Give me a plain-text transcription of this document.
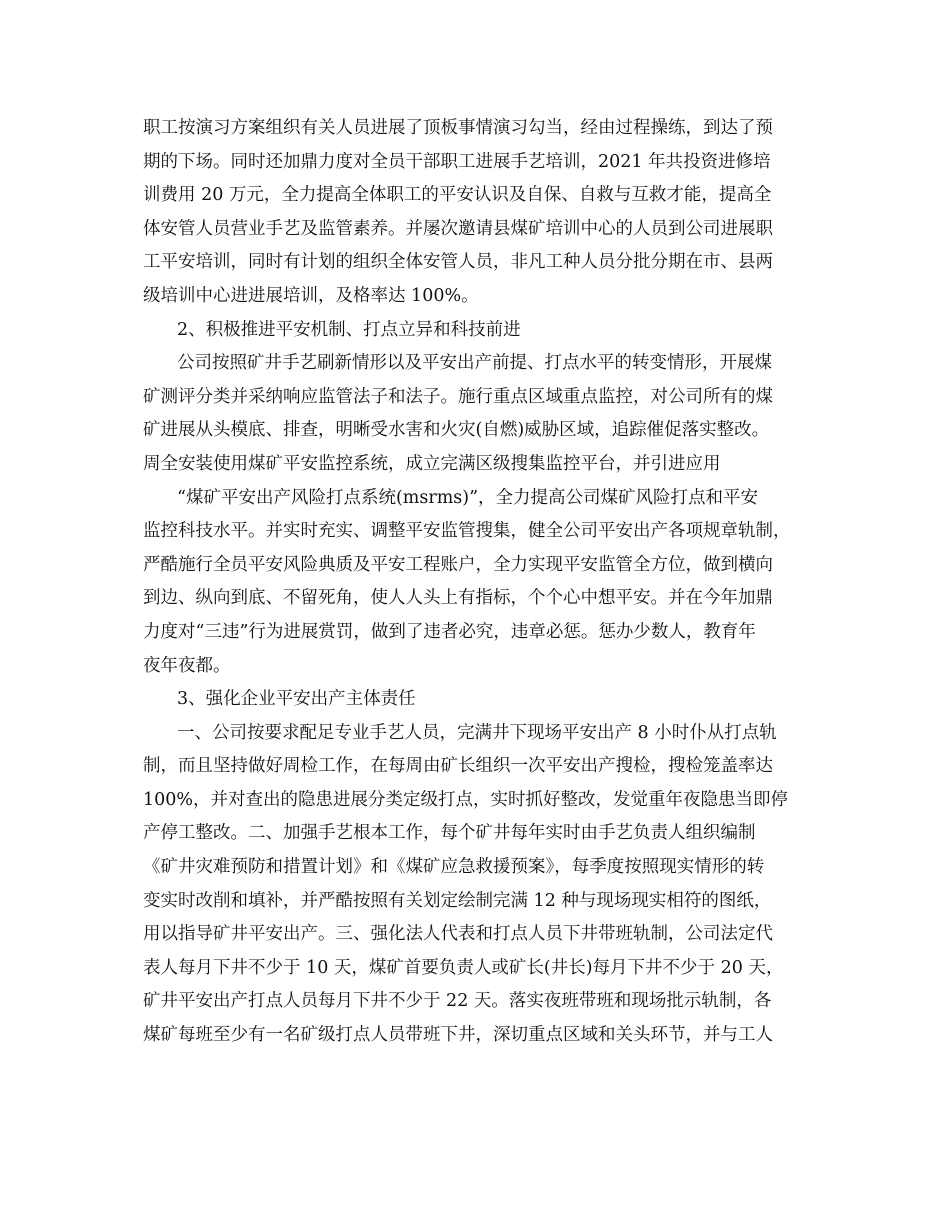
职工按演习方案组织有关人员进展了顶板事情演习勾当，经由过程操练，到达了预
期的下场。同时还加鼎力度对全员干部职工进展手艺培训，2021 年共投资进修培
训费用 20 万元，全力提高全体职工的平安认识及自保、自救与互救才能，提高全
体安管人员营业手艺及监管素养。并屡次邀请县煤矿培训中心的人员到公司进展职
工平安培训，同时有计划的组织全体安管人员，非凡工种人员分批分期在市、县两
级培训中心进进展培训，及格率达 100%。
2、积极推进平安机制、打点立异和科技前进
公司按照矿井手艺刷新情形以及平安出产前提、打点水平的转变情形，开展煤
矿测评分类并采纳响应监管法子和法子。施行重点区域重点监控，对公司所有的煤
矿进展从头模底、排查，明晰受水害和火灾(自燃)威胁区域，追踪催促落实整改。
周全安装使用煤矿平安监控系统，成立完满区级搜集监控平台，并引进应用
“煤矿平安出产风险打点系统(msrms)”，全力提高公司煤矿风险打点和平安
监控科技水平。并实时充实、调整平安监管搜集，健全公司平安出产各项规章轨制，
严酷施行全员平安风险典质及平安工程账户，全力实现平安监管全方位，做到横向
到边、纵向到底、不留死角，使人人头上有指标，个个心中想平安。并在今年加鼎
力度对“三违”行为进展赏罚，做到了违者必究，违章必惩。惩办少数人，教育年
夜年夜都。
3、强化企业平安出产主体责任
一、公司按要求配足专业手艺人员，完满井下现场平安出产 8 小时仆从打点轨
制，而且坚持做好周检工作，在每周由矿长组织一次平安出产搜检，搜检笼盖率达
100%，并对查出的隐患进展分类定级打点，实时抓好整改，发觉重年夜隐患当即停
产停工整改。二、加强手艺根本工作，每个矿井每年实时由手艺负责人组织编制
《矿井灾难预防和措置计划》和《煤矿应急救援预案》，每季度按照现实情形的转
变实时改削和填补，并严酷按照有关划定绘制完满 12 种与现场现实相符的图纸，
用以指导矿井平安出产。三、强化法人代表和打点人员下井带班轨制，公司法定代
表人每月下井不少于 10 天，煤矿首要负责人或矿长(井长)每月下井不少于 20 天，
矿井平安出产打点人员每月下井不少于 22 天。落实夜班带班和现场批示轨制，各
煤矿每班至少有一名矿级打点人员带班下井，深切重点区域和关头环节，并与工人
